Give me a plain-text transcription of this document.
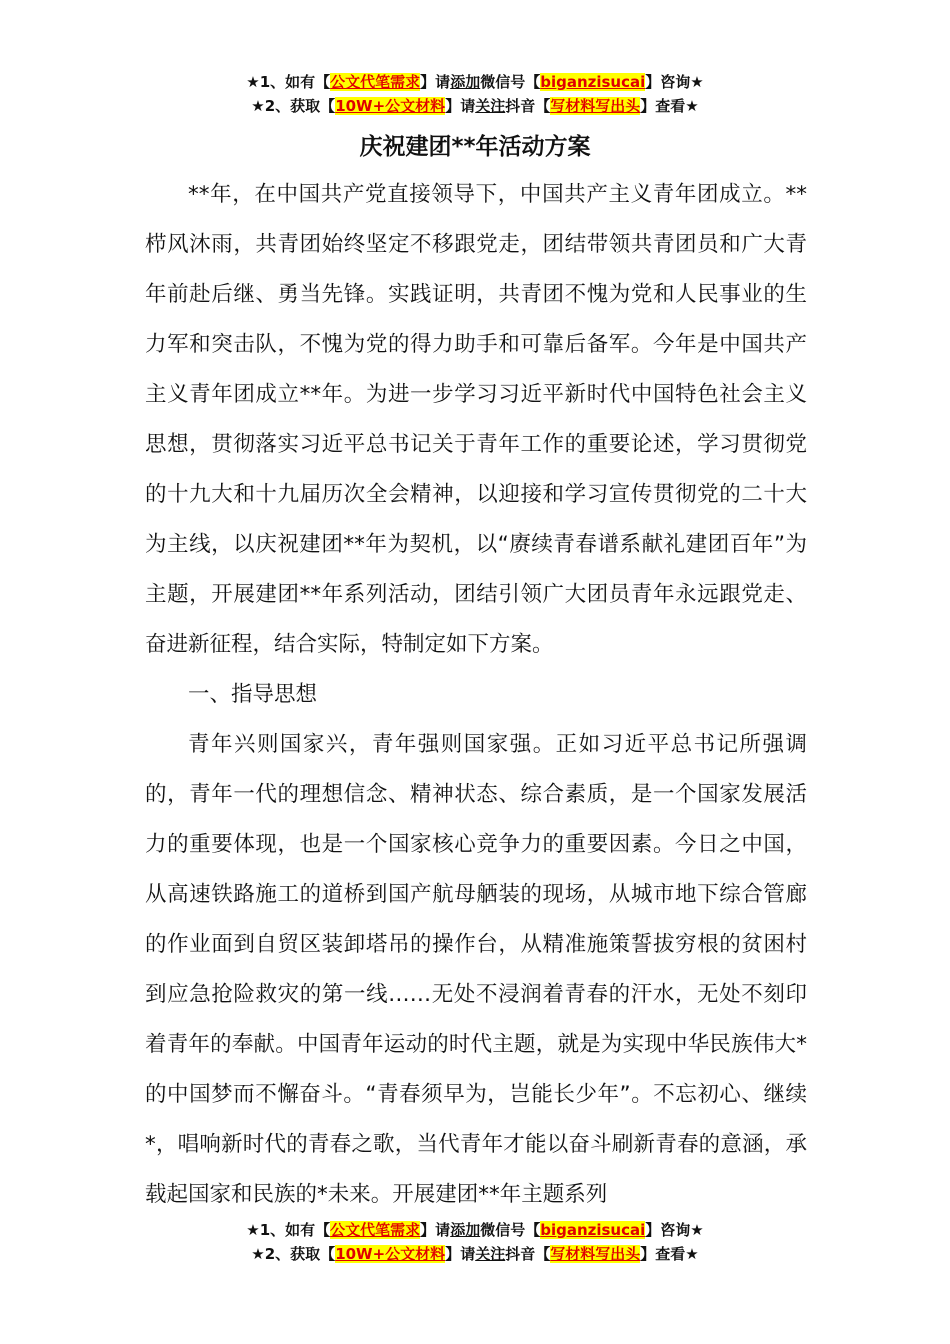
★1、如有【公文代笔需求】请添加微信号【biganzisucai】咨询★
★2、获取【10W+公文材料】请关注抖音【写材料写出头】查看★
庆祝建团**年活动方案

**年，在中国共产党直接领导下，中国共产主义青年团成立。**栉风沐雨，共青团始终坚定不移跟党走，团结带领共青团员和广大青年前赴后继、勇当先锋。实践证明，共青团不愧为党和人民事业的生力军和突击队，不愧为党的得力助手和可靠后备军。今年是中国共产主义青年团成立**年。为进一步学习习近平新时代中国特色社会主义思想，贯彻落实习近平总书记关于青年工作的重要论述，学习贯彻党的十九大和十九届历次全会精神，以迎接和学习宣传贯彻党的二十大为主线，以庆祝建团**年为契机，以“赓续青春谱系献礼建团百年”为主题，开展建团**年系列活动，团结引领广大团员青年永远跟党走、奋进新征程，结合实际，特制定如下方案。

一、指导思想

青年兴则国家兴，青年强则国家强。正如习近平总书记所强调的，青年一代的理想信念、精神状态、综合素质，是一个国家发展活力的重要体现，也是一个国家核心竞争力的重要因素。今日之中国，从高速铁路施工的道桥到国产航母舾装的现场，从城市地下综合管廊的作业面到自贸区装卸塔吊的操作台，从精准施策誓拔穷根的贫困村到应急抢险救灾的第一线……无处不浸润着青春的汗水，无处不刻印着青年的奉献。中国青年运动的时代主题，就是为实现中华民族伟大*的中国梦而不懈奋斗。“青春须早为，岂能长少年”。不忘初心、继续*，唱响新时代的青春之歌，当代青年才能以奋斗刷新青春的意涵，承载起国家和民族的*未来。开展建团**年主题系列

★1、如有【公文代笔需求】请添加微信号【biganzisucai】咨询★
★2、获取【10W+公文材料】请关注抖音【写材料写出头】查看★
